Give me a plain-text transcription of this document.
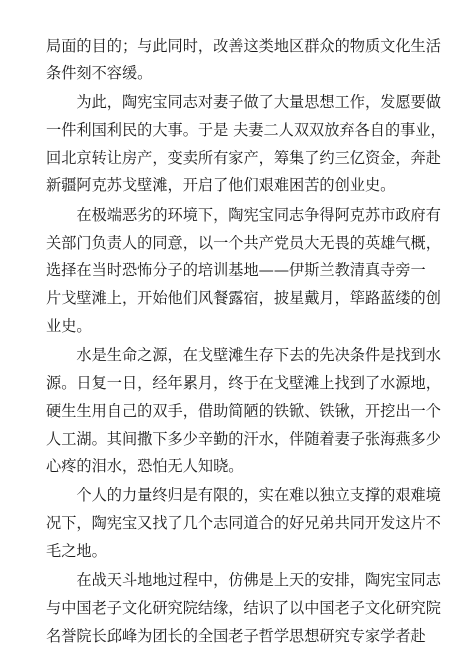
局面的目的；与此同时，改善这类地区群众的物质文化生活
条件刻不容缓。
　　为此，陶宪宝同志对妻子做了大量思想工作，发愿要做
一件利国利民的大事。于是 夫妻二人双双放弃各自的事业，
回北京转让房产，变卖所有家产，筹集了约三亿资金，奔赴
新疆阿克苏戈壁滩，开启了他们艰难困苦的创业史。
　　在极端恶劣的环境下，陶宪宝同志争得阿克苏市政府有
关部门负责人的同意，以一个共产党员大无畏的英雄气概，
选择在当时恐怖分子的培训基地——伊斯兰教清真寺旁一
片戈壁滩上，开始他们风餐露宿，披星戴月，筚路蓝缕的创
业史。
　　水是生命之源，在戈壁滩生存下去的先决条件是找到水
源。日复一日，经年累月，终于在戈壁滩上找到了水源地，
硬生生用自己的双手，借助简陋的铁锨、铁锹，开挖出一个
人工湖。其间撒下多少辛勤的汗水，伴随着妻子张海燕多少
心疼的泪水，恐怕无人知晓。
　　个人的力量终归是有限的，实在难以独立支撑的艰难境
况下，陶宪宝又找了几个志同道合的好兄弟共同开发这片不
毛之地。
　　在战天斗地地过程中，仿佛是上天的安排，陶宪宝同志
与中国老子文化研究院结缘，结识了以中国老子文化研究院
名誉院长邱峰为团长的全国老子哲学思想研究专家学者赴
